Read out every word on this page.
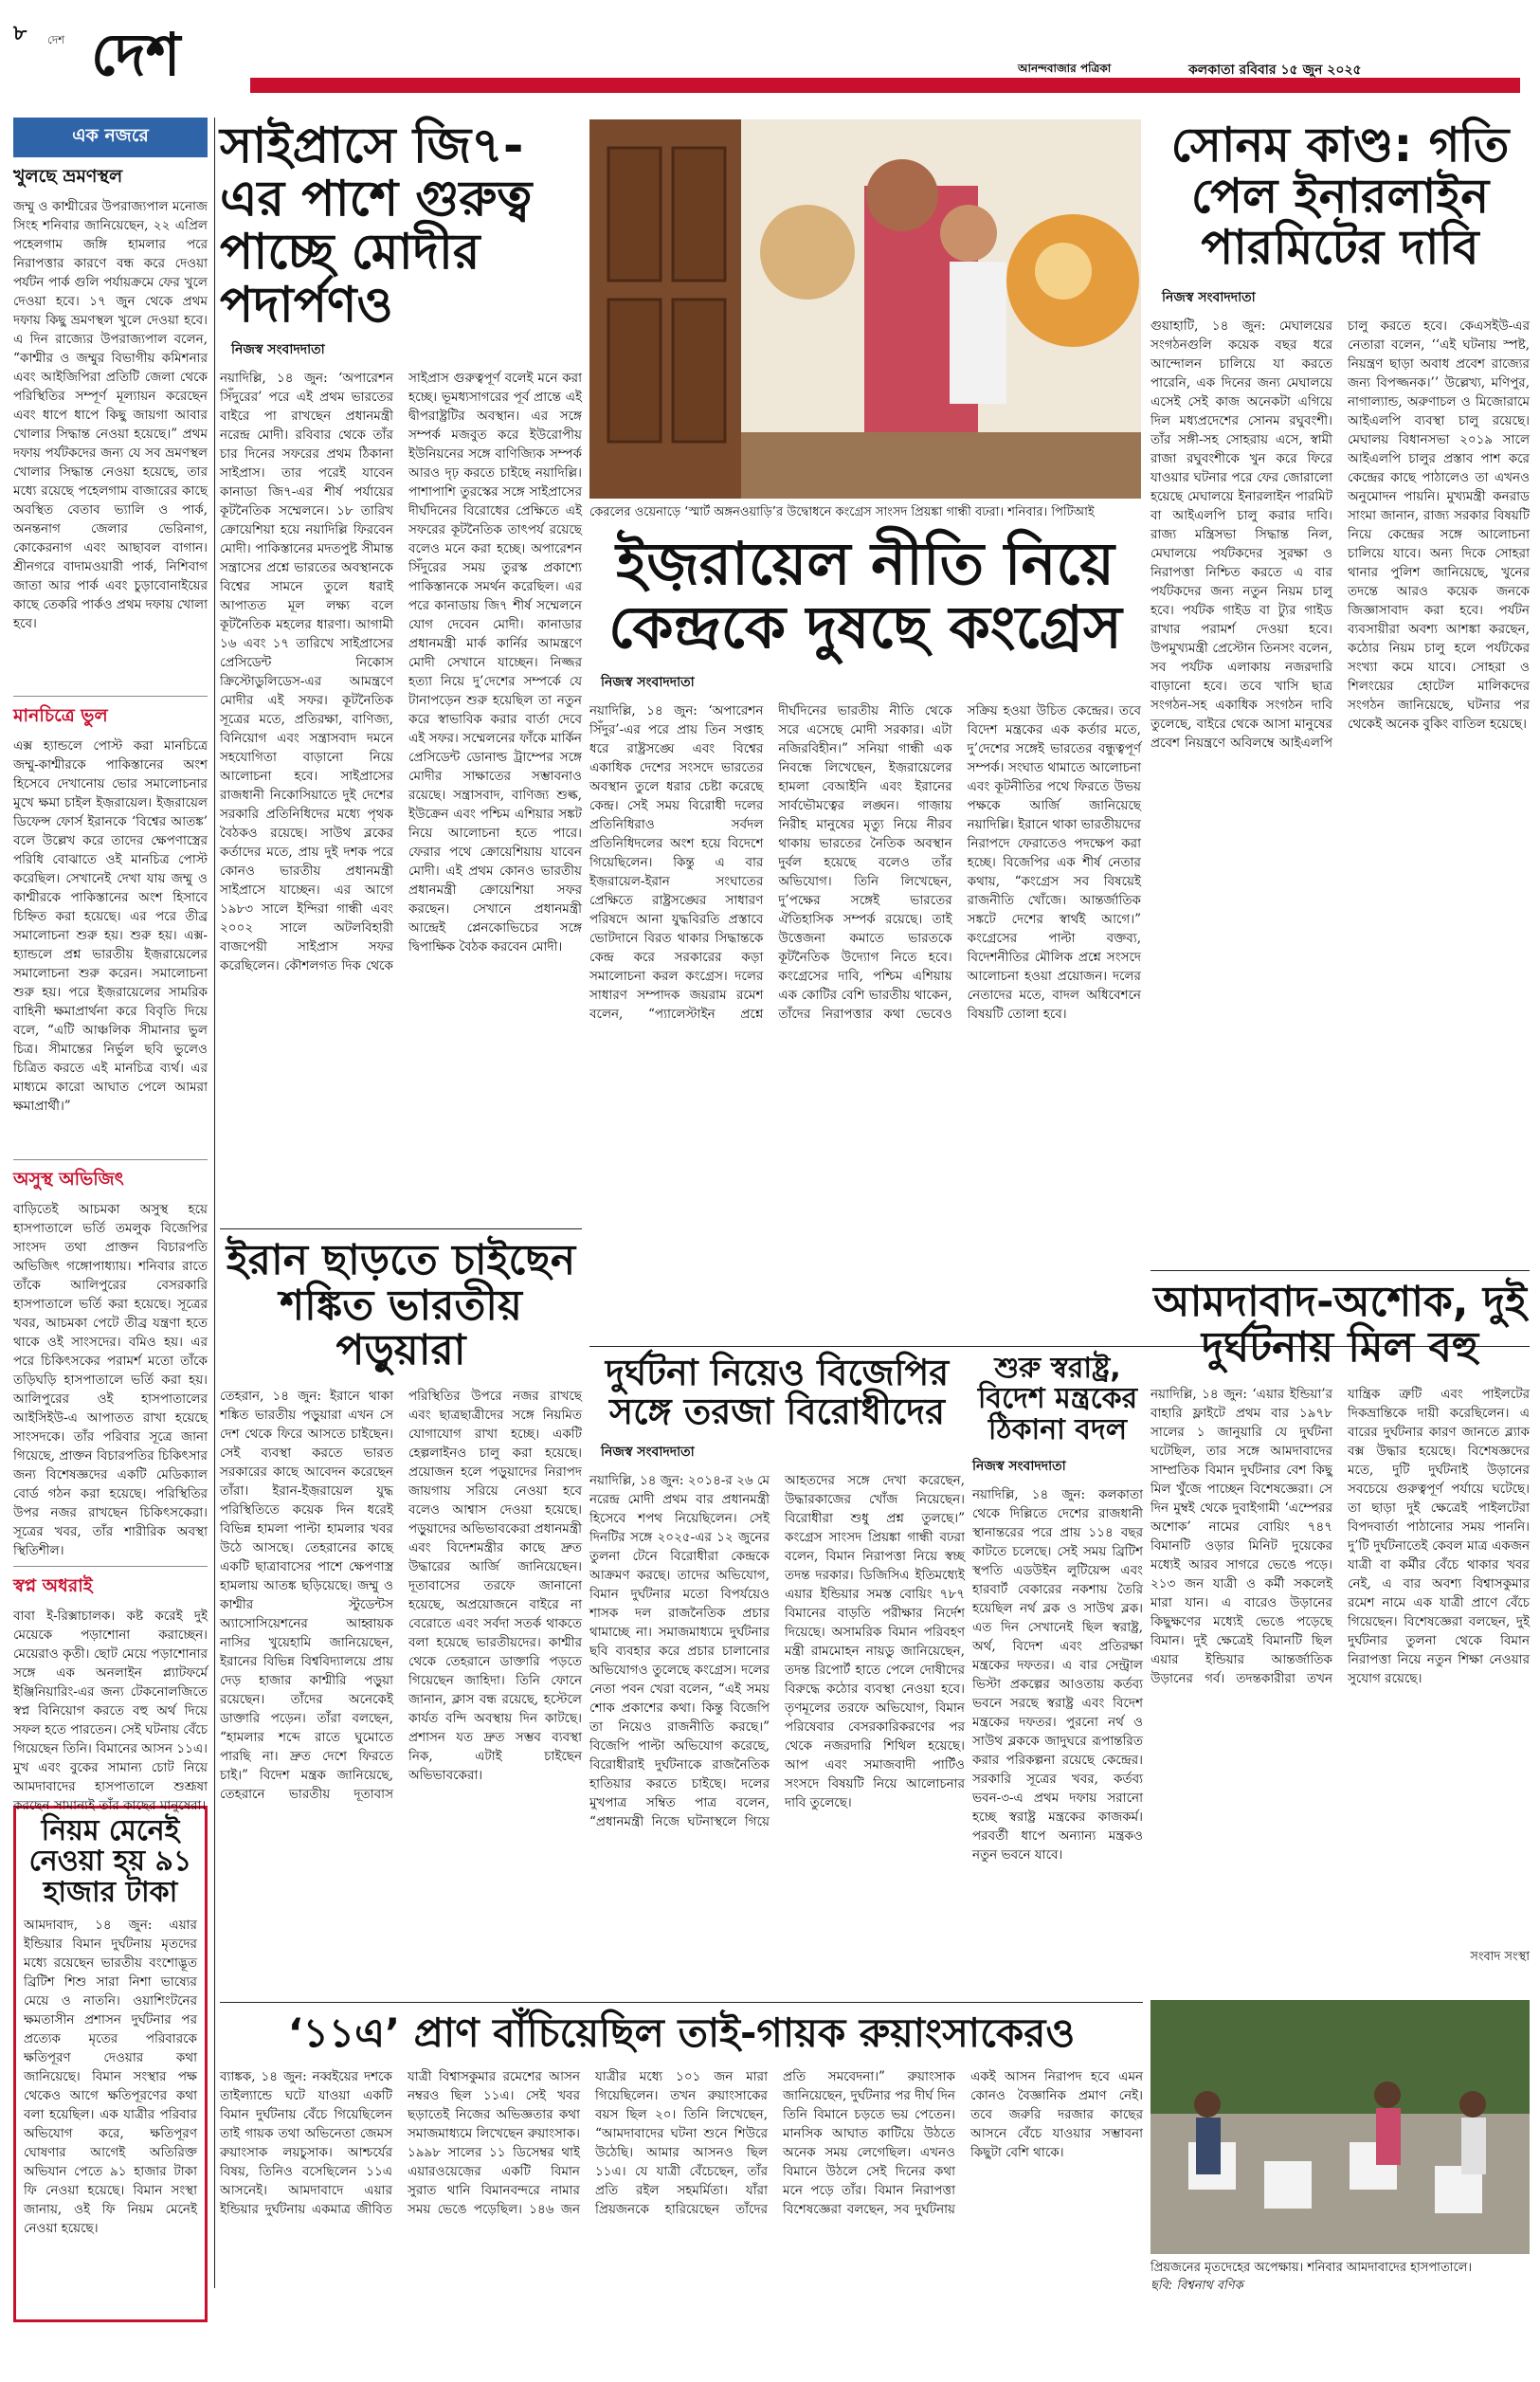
৮	দেশ দেশ	আনন্দবাজার পত্রিকা	কলকাতা রবিবার ১৫ জুন ২০২৫
এক নজরে
খুলছে ভ্রমণস্থল
জম্মু ও কাশ্মীরের উপরাজ্যপাল মনোজ সিংহ শনিবার জানিয়েছেন, ২২ এপ্রিল পহেলগাম জঙ্গি হামলার পরে নিরাপত্তার কারণে বন্ধ করে দেওয়া পর্যটন পার্ক গুলি পর্যায়ক্রমে ফের খুলে দেওয়া হবে। ১৭ জুন থেকে প্রথম দফায় কিছু ভ্রমণস্থল খুলে দেওয়া হবে। এ দিন রাজ্যের উপরাজ্যপাল বলেন, “কাশ্মীর ও জম্মুর বিভাগীয় কমিশনার এবং আইজিপিরা প্রতিটি জেলা থেকে পরিস্থিতির সম্পূর্ণ মূল্যায়ন করেছেন এবং ধাপে ধাপে কিছু জায়গা আবার খোলার সিদ্ধান্ত নেওয়া হয়েছে।” প্রথম দফায় পর্যটকদের জন্য যে সব ভ্রমণস্থল খোলার সিদ্ধান্ত নেওয়া হয়েছে, তার মধ্যে রয়েছে পহেলগাম বাজারের কাছে অবস্থিত বেতাব ভ্যালি ও পার্ক, অনন্তনাগ জেলার ভেরিনাগ, কোকেরনাগ এবং আছাবল বাগান। শ্রীনগরে বাদামওয়ারী পার্ক, নিশিবাগ জাতা আর পার্ক এবং চুড়াবোনাইয়ের কাছে তেকরি পার্কও প্রথম দফায় খোলা হবে।
মানচিত্রে ভুল
এক্স হ্যান্ডলে পোস্ট করা মানচিত্রে জম্মু-কাশ্মীরকে পাকিস্তানের অংশ হিসেবে দেখানোয় ভোর সমালোচনার মুখে ক্ষমা চাইল ইজ়রায়েল। ইজ়রায়েল ডিফেন্স ফোর্স ইরানকে ‘বিশ্বের আতঙ্ক’ বলে উল্লেখ করে তাদের ক্ষেপণাস্ত্রের পরিধি বোঝাতে ওই মানচিত্র পোস্ট করেছিল। সেখানেই দেখা যায় জম্মু ও কাশ্মীরকে পাকিস্তানের অংশ হিসাবে চিহ্নিত করা হয়েছে। এর পরে তীব্র সমালোচনা শুরু হয়। শুরু হয়। এক্স-হ্যান্ডলে প্রশ্ন ভারতীয় ইজ়রায়েলের সমালোচনা শুরু করেন। সমালোচনা শুরু হয়। পরে ইজ়রায়েলের সামরিক বাহিনী ক্ষমাপ্রার্থনা করে বিবৃতি দিয়ে বলে, “এটি আঞ্চলিক সীমানার ভুল চিত্র। সীমান্তের নির্ভুল ছবি ভুলেও চিত্রিত করতে এই মানচিত্র ব্যর্থ। এর মাধ্যমে কারো আঘাত পেলে আমরা ক্ষমাপ্রার্থী।”
অসুস্থ অভিজিৎ
বাড়িতেই আচমকা অসুস্থ হয়ে হাসপাতালে ভর্তি তমলুক বিজেপির সাংসদ তথা প্রাক্তন বিচারপতি অভিজিৎ গঙ্গোপাধ্যায়। শনিবার রাতে তাঁকে আলিপুরের বেসরকারি হাসপাতালে ভর্তি করা হয়েছে। সূত্রের খবর, আচমকা পেটে তীব্র যন্ত্রণা হতে থাকে ওই সাংসদের। বমিও হয়। এর পরে চিকিৎসকের পরামর্শ মতো তাঁকে তড়িঘড়ি হাসপাতালে ভর্তি করা হয়। আলিপুরের ওই হাসপাতালের আইসিইউ-এ আপাতত রাখা হয়েছে সাংসদকে। তাঁর পরিবার সূত্রে জানা গিয়েছে, প্রাক্তন বিচারপতির চিকিৎসার জন্য বিশেষজ্ঞদের একটি মেডিক্যাল বোর্ড গঠন করা হয়েছে। পরিস্থিতির উপর নজর রাখছেন চিকিৎসকেরা। সূত্রের খবর, তাঁর শারীরিক অবস্থা স্থিতিশীল।
স্বপ্ন অধরাই
বাবা ই-রিক্সাচালক। কষ্ট করেই দুই মেয়েকে পড়াশোনা করাচ্ছেন। মেয়েরাও কৃতী। ছোট মেয়ে পড়াশোনার সঙ্গে এক অনলাইন প্ল্যাটফর্মে ইঞ্জিনিয়ারিং-এর জন্য টেকনোলজিতে স্বপ্ন বিনিয়োগ করতে বহু অর্থ দিয়ে সফল হতে পারতেন। সেই ঘটনায় বেঁচে গিয়েছেন তিনি। বিমানের আসন ১১এ। মুখ এবং বুকের সামান্য চোট নিয়ে আমদাবাদের হাসপাতালে শুশ্রূষা করছেন সামান্যই তাঁর কাছের মানুষেরা।
নিয়ম মেনেই নেওয়া হয় ৯১ হাজার টাকা
আমদাবাদ, ১৪ জুন: এয়ার ইন্ডিয়ার বিমান দুর্ঘটনায় মৃতদের মধ্যে রয়েছেন ভারতীয় বংশোদ্ভূত ব্রিটিশ শিশু সারা নিশা ভাষ্যের মেয়ে ও নাতনি। ওয়াশিংটনের ক্ষমতাসীন প্রশাসন দুর্ঘটনার পর প্রত্যেক মৃতের পরিবারকে ক্ষতিপূরণ দেওয়ার কথা জানিয়েছে। বিমান সংস্থার পক্ষ থেকেও আগে ক্ষতিপূরণের কথা বলা হয়েছিল। এক যাত্রীর পরিবার অভিযোগ করে, ক্ষতিপূরণ ঘোষণার আগেই অতিরিক্ত অভিযান পেতে ৯১ হাজার টাকা ফি নেওয়া হয়েছে। বিমান সংস্থা জানায়, ওই ফি নিয়ম মেনেই নেওয়া হয়েছে।
সাইপ্রাসে জি৭-এর পাশে গুরুত্ব পাচ্ছে মোদীর পদার্পণও
নিজস্ব সংবাদদাতা
নয়াদিল্লি, ১৪ জুন: ‘অপারেশন সিঁদুরের’ পরে এই প্রথম ভারতের বাইরে পা রাখছেন প্রধানমন্ত্রী নরেন্দ্র মোদী। রবিবার থেকে তাঁর চার দিনের সফরের প্রথম ঠিকানা সাইপ্রাস। তার পরেই যাবেন কানাডা জি৭-এর শীর্ষ পর্যায়ের কূটনৈতিক সম্মেলনে। ১৮ তারিখ ক্রোয়েশিয়া হয়ে নয়াদিল্লি ফিরবেন মোদী। পাকিস্তানের মদতপুষ্ট সীমান্ত সন্ত্রাসের প্রশ্নে ভারতের অবস্থানকে বিশ্বের সামনে তুলে ধরাই আপাতত মূল লক্ষ্য বলে কূটনৈতিক মহলের ধারণা। আগামী ১৬ এবং ১৭ তারিখে সাইপ্রাসের প্রেসিডেন্ট নিকোস ক্রিস্টোডুলিডেস-এর আমন্ত্রণে মোদীর এই সফর। কূটনৈতিক সূত্রের মতে, প্রতিরক্ষা, বাণিজ্য, বিনিয়োগ এবং সন্ত্রাসবাদ দমনে সহযোগিতা বাড়ানো নিয়ে আলোচনা হবে। সাইপ্রাসের রাজধানী নিকোসিয়াতে দুই দেশের সরকারি প্রতিনিধিদের মধ্যে পৃথক বৈঠকও রয়েছে। সাউথ ব্লকের কর্তাদের মতে, প্রায় দুই দশক পরে কোনও ভারতীয় প্রধানমন্ত্রী সাইপ্রাসে যাচ্ছেন। এর আগে ১৯৮৩ সালে ইন্দিরা গান্ধী এবং ২০০২ সালে অটলবিহারী বাজপেয়ী সাইপ্রাস সফর করেছিলেন। কৌশলগত দিক থেকে সাইপ্রাস গুরুত্বপূর্ণ বলেই মনে করা হচ্ছে। ভূমধ্যসাগরের পূর্ব প্রান্তে এই দ্বীপরাষ্ট্রটির অবস্থান। এর সঙ্গে সম্পর্ক মজবুত করে ইউরোপীয় ইউনিয়নের সঙ্গে বাণিজ্যিক সম্পর্ক আরও দৃঢ় করতে চাইছে নয়াদিল্লি। পাশাপাশি তুরস্কের সঙ্গে সাইপ্রাসের দীর্ঘদিনের বিরোধের প্রেক্ষিতে এই সফরের কূটনৈতিক তাৎপর্য রয়েছে বলেও মনে করা হচ্ছে। অপারেশন সিঁদুরের সময় তুরস্ক প্রকাশ্যে পাকিস্তানকে সমর্থন করেছিল। এর পরে কানাডায় জি৭ শীর্ষ সম্মেলনে যোগ দেবেন মোদী। কানাডার প্রধানমন্ত্রী মার্ক কার্নির আমন্ত্রণে মোদী সেখানে যাচ্ছেন। নিজ্জর হত্যা নিয়ে দু’দেশের সম্পর্কে যে টানাপড়েন শুরু হয়েছিল তা নতুন করে স্বাভাবিক করার বার্তা দেবে এই সফর। সম্মেলনের ফাঁকে মার্কিন প্রেসিডেন্ট ডোনাল্ড ট্রাম্পের সঙ্গে মোদীর সাক্ষাতের সম্ভাবনাও রয়েছে। সন্ত্রাসবাদ, বাণিজ্য শুল্ক, ইউক্রেন এবং পশ্চিম এশিয়ার সঙ্কট নিয়ে আলোচনা হতে পারে। ফেরার পথে ক্রোয়েশিয়ায় যাবেন মোদী। এই প্রথম কোনও ভারতীয় প্রধানমন্ত্রী ক্রোয়েশিয়া সফর করছেন। সেখানে প্রধানমন্ত্রী আন্দ্রেই প্লেনকোভিচের সঙ্গে দ্বিপাক্ষিক বৈঠক করবেন মোদী।
কেরলের ওয়েনাড়ে ‘স্মার্ট অঙ্গনওয়াড়ি’র উদ্বোধনে কংগ্রেস সাংসদ প্রিয়ঙ্কা গান্ধী বঢরা। শনিবার। পিটিআই
সোনম কাণ্ড: গতি পেল ইনারলাইন পারমিটের দাবি
নিজস্ব সংবাদদাতা
গুয়াহাটি, ১৪ জুন: মেঘালয়ের সংগঠনগুলি কয়েক বছর ধরে আন্দোলন চালিয়ে যা করতে পারেনি, এক দিনের জন্য মেঘালয়ে এসেই সেই কাজ অনেকটা এগিয়ে দিল মধ্যপ্রদেশের সোনম রঘুবংশী। তাঁর সঙ্গী-সহ সোহরায় এসে, স্বামী রাজা রঘুবংশীকে খুন করে ফিরে যাওয়ার ঘটনার পরে ফের জোরালো হয়েছে মেঘালয়ে ইনারলাইন পারমিট বা আইএলপি চালু করার দাবি। রাজ্য মন্ত্রিসভা সিদ্ধান্ত নিল, মেঘালয়ে পর্যটকদের সুরক্ষা ও নিরাপত্তা নিশ্চিত করতে এ বার পর্যটকদের জন্য নতুন নিয়ম চালু হবে। পর্যটক গাইড বা ট্যুর গাইড রাখার পরামর্শ দেওয়া হবে। উপমুখ্যমন্ত্রী প্রেস্টোন তিনসং বলেন, সব পর্যটক এলাকায় নজরদারি বাড়ানো হবে। তবে খাসি ছাত্র সংগঠন-সহ একাধিক সংগঠন দাবি তুলেছে, বাইরে থেকে আসা মানুষের প্রবেশ নিয়ন্ত্রণে অবিলম্বে আইএলপি চালু করতে হবে। কেএসইউ-এর নেতারা বলেন, ‘‘এই ঘটনায় স্পষ্ট, নিয়ন্ত্রণ ছাড়া অবাধ প্রবেশ রাজ্যের জন্য বিপজ্জনক।’’ উল্লেখ্য, মণিপুর, নাগাল্যান্ড, অরুণাচল ও মিজোরামে আইএলপি ব্যবস্থা চালু রয়েছে। মেঘালয় বিধানসভা ২০১৯ সালে আইএলপি চালুর প্রস্তাব পাশ করে কেন্দ্রের কাছে পাঠালেও তা এখনও অনুমোদন পায়নি। মুখ্যমন্ত্রী কনরাড সাংমা জানান, রাজ্য সরকার বিষয়টি নিয়ে কেন্দ্রের সঙ্গে আলোচনা চালিয়ে যাবে। অন্য দিকে সোহরা থানার পুলিশ জানিয়েছে, খুনের তদন্তে আরও কয়েক জনকে জিজ্ঞাসাবাদ করা হবে। পর্যটন ব্যবসায়ীরা অবশ্য আশঙ্কা করছেন, কঠোর নিয়ম চালু হলে পর্যটকের সংখ্যা কমে যাবে। সোহরা ও শিলংয়ের হোটেল মালিকদের সংগঠন জানিয়েছে, ঘটনার পর থেকেই অনেক বুকিং বাতিল হয়েছে।
ইজ়রায়েল নীতি নিয়ে কেন্দ্রকে দুষছে কংগ্রেস
নিজস্ব সংবাদদাতা
নয়াদিল্লি, ১৪ জুন: ‘অপারেশন সিঁদুর’-এর পরে প্রায় তিন সপ্তাহ ধরে রাষ্ট্রসঙ্ঘে এবং বিশ্বের একাধিক দেশের সংসদে ভারতের অবস্থান তুলে ধরার চেষ্টা করেছে কেন্দ্র। সেই সময় বিরোধী দলের প্রতিনিধিরাও সর্বদল প্রতিনিধিদলের অংশ হয়ে বিদেশে গিয়েছিলেন। কিন্তু এ বার ইজ়রায়েল-ইরান সংঘাতের প্রেক্ষিতে রাষ্ট্রসঙ্ঘের সাধারণ পরিষদে আনা যুদ্ধবিরতি প্রস্তাবে ভোটদানে বিরত থাকার সিদ্ধান্তকে কেন্দ্র করে সরকারের কড়া সমালোচনা করল কংগ্রেস। দলের সাধারণ সম্পাদক জয়রাম রমেশ বলেন, “প্যালেস্টাইন প্রশ্নে দীর্ঘদিনের ভারতীয় নীতি থেকে সরে এসেছে মোদী সরকার। এটা নজিরবিহীন।” সনিয়া গান্ধী এক নিবন্ধে লিখেছেন, ইজ়রায়েলের হামলা বেআইনি এবং ইরানের সার্বভৌমত্বের লঙ্ঘন। গাজ়ায় নিরীহ মানুষের মৃত্যু নিয়ে নীরব থাকায় ভারতের নৈতিক অবস্থান দুর্বল হয়েছে বলেও তাঁর অভিযোগ। তিনি লিখেছেন, দু’পক্ষের সঙ্গেই ভারতের ঐতিহাসিক সম্পর্ক রয়েছে। তাই উত্তেজনা কমাতে ভারতকে কূটনৈতিক উদ্যোগ নিতে হবে। কংগ্রেসের দাবি, পশ্চিম এশিয়ায় এক কোটির বেশি ভারতীয় থাকেন, তাঁদের নিরাপত্তার কথা ভেবেও সক্রিয় হওয়া উচিত কেন্দ্রের। তবে বিদেশ মন্ত্রকের এক কর্তার মতে, দু’দেশের সঙ্গেই ভারতের বন্ধুত্বপূর্ণ সম্পর্ক। সংঘাত থামাতে আলোচনা এবং কূটনীতির পথে ফিরতে উভয় পক্ষকে আর্জি জানিয়েছে নয়াদিল্লি। ইরানে থাকা ভারতীয়দের নিরাপদে ফেরাতেও পদক্ষেপ করা হচ্ছে। বিজেপির এক শীর্ষ নেতার কথায়, “কংগ্রেস সব বিষয়েই রাজনীতি খোঁজে। আন্তর্জাতিক সঙ্কটে দেশের স্বার্থই আগে।” কংগ্রেসের পাল্টা বক্তব্য, বিদেশনীতির মৌলিক প্রশ্নে সংসদে আলোচনা হওয়া প্রয়োজন। দলের নেতাদের মতে, বাদল অধিবেশনে বিষয়টি তোলা হবে।
ইরান ছাড়তে চাইছেন শঙ্কিত ভারতীয় পড়ুয়ারা
তেহরান, ১৪ জুন: ইরানে থাকা শঙ্কিত ভারতীয় পড়ুয়ারা এখন সে দেশ থেকে ফিরে আসতে চাইছেন। সেই ব্যবস্থা করতে ভারত সরকারের কাছে আবেদন করেছেন তাঁরা। ইরান-ইজ়রায়েল যুদ্ধ পরিস্থিতিতে কয়েক দিন ধরেই বিভিন্ন হামলা পাল্টা হামলার খবর উঠে আসছে। তেহরানের কাছে একটি ছাত্রাবাসের পাশে ক্ষেপণাস্ত্র হামলায় আতঙ্ক ছড়িয়েছে। জম্মু ও কাশ্মীর স্টুডেন্টস অ্যাসোসিয়েশনের আহ্বায়ক নাসির খুয়েহামি জানিয়েছেন, ইরানের বিভিন্ন বিশ্ববিদ্যালয়ে প্রায় দেড় হাজার কাশ্মীরি পড়ুয়া রয়েছেন। তাঁদের অনেকেই ডাক্তারি পড়েন। তাঁরা বলছেন, “হামলার শব্দে রাতে ঘুমোতে পারছি না। দ্রুত দেশে ফিরতে চাই।” বিদেশ মন্ত্রক জানিয়েছে, তেহরানে ভারতীয় দূতাবাস পরিস্থিতির উপরে নজর রাখছে এবং ছাত্রছাত্রীদের সঙ্গে নিয়মিত যোগাযোগ রাখা হচ্ছে। একটি হেল্পলাইনও চালু করা হয়েছে। প্রয়োজন হলে পড়ুয়াদের নিরাপদ জায়গায় সরিয়ে নেওয়া হবে বলেও আশ্বাস দেওয়া হয়েছে। পড়ুয়াদের অভিভাবকেরা প্রধানমন্ত্রী এবং বিদেশমন্ত্রীর কাছে দ্রুত উদ্ধারের আর্জি জানিয়েছেন। দূতাবাসের তরফে জানানো হয়েছে, অপ্রয়োজনে বাইরে না বেরোতে এবং সর্বদা সতর্ক থাকতে বলা হয়েছে ভারতীয়দের। কাশ্মীর থেকে তেহরানে ডাক্তারি পড়তে গিয়েছেন জাহিদা। তিনি ফোনে জানান, ক্লাস বন্ধ রয়েছে, হস্টেলে কার্যত বন্দি অবস্থায় দিন কাটছে। প্রশাসন যত দ্রুত সম্ভব ব্যবস্থা নিক, এটাই চাইছেন অভিভাবকেরা।
দুর্ঘটনা নিয়েও বিজেপির সঙ্গে তরজা বিরোধীদের
নিজস্ব সংবাদদাতা
নয়াদিল্লি, ১৪ জুন: ২০১৪-র ২৬ মে নরেন্দ্র মোদী প্রথম বার প্রধানমন্ত্রী হিসেবে শপথ নিয়েছিলেন। সেই দিনটির সঙ্গে ২০২৫-এর ১২ জুনের তুলনা টেনে বিরোধীরা কেন্দ্রকে আক্রমণ করছে। তাদের অভিযোগ, বিমান দুর্ঘটনার মতো বিপর্যয়েও শাসক দল রাজনৈতিক প্রচার থামাচ্ছে না। সমাজমাধ্যমে দুর্ঘটনার ছবি ব্যবহার করে প্রচার চালানোর অভিযোগও তুলেছে কংগ্রেস। দলের নেতা পবন খেরা বলেন, “এই সময় শোক প্রকাশের কথা। কিন্তু বিজেপি তা নিয়েও রাজনীতি করছে।” বিজেপি পাল্টা অভিযোগ করেছে, বিরোধীরাই দুর্ঘটনাকে রাজনৈতিক হাতিয়ার করতে চাইছে। দলের মুখপাত্র সম্বিত পাত্র বলেন, “প্রধানমন্ত্রী নিজে ঘটনাস্থলে গিয়ে আহতদের সঙ্গে দেখা করেছেন, উদ্ধারকাজের খোঁজ নিয়েছেন। বিরোধীরা শুধু প্রশ্ন তুলছে।” কংগ্রেস সাংসদ প্রিয়ঙ্কা গান্ধী বঢরা বলেন, বিমান নিরাপত্তা নিয়ে স্বচ্ছ তদন্ত দরকার। ডিজিসিএ ইতিমধ্যেই এয়ার ইন্ডিয়ার সমস্ত বোয়িং ৭৮৭ বিমানের বাড়তি পরীক্ষার নির্দেশ দিয়েছে। অসামরিক বিমান পরিবহণ মন্ত্রী রামমোহন নায়ডু জানিয়েছেন, তদন্ত রিপোর্ট হাতে পেলে দোষীদের বিরুদ্ধে কঠোর ব্যবস্থা নেওয়া হবে। তৃণমূলের তরফে অভিযোগ, বিমান পরিষেবার বেসরকারিকরণের পর থেকে নজরদারি শিথিল হয়েছে। আপ এবং সমাজবাদী পার্টিও সংসদে বিষয়টি নিয়ে আলোচনার দাবি তুলেছে।
শুরু স্বরাষ্ট্র, বিদেশ মন্ত্রকের ঠিকানা বদল
নিজস্ব সংবাদদাতা
নয়াদিল্লি, ১৪ জুন: কলকাতা থেকে দিল্লিতে দেশের রাজধানী স্থানান্তরের পরে প্রায় ১১৪ বছর কাটতে চলেছে। সেই সময় ব্রিটিশ স্থপতি এডউইন লুটিয়েন্স এবং হারবার্ট বেকারের নকশায় তৈরি হয়েছিল নর্থ ব্লক ও সাউথ ব্লক। এত দিন সেখানেই ছিল স্বরাষ্ট্র, অর্থ, বিদেশ এবং প্রতিরক্ষা মন্ত্রকের দফতর। এ বার সেন্ট্রাল ভিস্টা প্রকল্পের আওতায় কর্তব্য ভবনে সরছে স্বরাষ্ট্র এবং বিদেশ মন্ত্রকের দফতর। পুরনো নর্থ ও সাউথ ব্লককে জাদুঘরে রূপান্তরিত করার পরিকল্পনা রয়েছে কেন্দ্রের। সরকারি সূত্রের খবর, কর্তব্য ভবন-৩-এ প্রথম দফায় সরানো হচ্ছে স্বরাষ্ট্র মন্ত্রকের কাজকর্ম। পরবর্তী ধাপে অন্যান্য মন্ত্রকও নতুন ভবনে যাবে।
আমদাবাদ-অশোক, দুই দুর্ঘটনায় মিল বহু
নয়াদিল্লি, ১৪ জুন: ‘এয়ার ইন্ডিয়া’র বাহারি ফ্লাইটে প্রথম বার ১৯৭৮ সালের ১ জানুয়ারি যে দুর্ঘটনা ঘটেছিল, তার সঙ্গে আমদাবাদের সাম্প্রতিক বিমান দুর্ঘটনার বেশ কিছু মিল খুঁজে পাচ্ছেন বিশেষজ্ঞেরা। সে দিন মুম্বই থেকে দুবাইগামী ‘এম্পেরর অশোক’ নামের বোয়িং ৭৪৭ বিমানটি ওড়ার মিনিট দুয়েকের মধ্যেই আরব সাগরে ভেঙে পড়ে। ২১৩ জন যাত্রী ও কর্মী সকলেই মারা যান। এ বারেও উড়ানের কিছুক্ষণের মধ্যেই ভেঙে পড়েছে বিমান। দুই ক্ষেত্রেই বিমানটি ছিল এয়ার ইন্ডিয়ার আন্তর্জাতিক উড়ানের গর্ব। তদন্তকারীরা তখন যান্ত্রিক ত্রুটি এবং পাইলটের দিকভ্রান্তিকে দায়ী করেছিলেন। এ বারের দুর্ঘটনার কারণ জানতে ব্ল্যাক বক্স উদ্ধার হয়েছে। বিশেষজ্ঞদের মতে, দুটি দুর্ঘটনাই উড়ানের সবচেয়ে গুরুত্বপূর্ণ পর্যায়ে ঘটেছে। তা ছাড়া দুই ক্ষেত্রেই পাইলটেরা বিপদবার্তা পাঠানোর সময় পাননি। দু’টি দুর্ঘটনাতেই কেবল মাত্র একজন যাত্রী বা কর্মীর বেঁচে থাকার খবর নেই, এ বার অবশ্য বিশ্বাসকুমার রমেশ নামে এক যাত্রী প্রাণে বেঁচে গিয়েছেন। বিশেষজ্ঞেরা বলছেন, দুই দুর্ঘটনার তুলনা থেকে বিমান নিরাপত্তা নিয়ে নতুন শিক্ষা নেওয়ার সুযোগ রয়েছে।
সংবাদ সংস্থা
প্রিয়জনের মৃতদেহের অপেক্ষায়। শনিবার আমদাবাদের হাসপাতালে।
ছবি: বিশ্বনাথ বণিক
‘১১এ’ প্রাণ বাঁচিয়েছিল তাই-গায়ক রুয়াংসাকেরও
ব্যাঙ্কক, ১৪ জুন: নব্বইয়ের দশকে তাইল্যান্ডে ঘটে যাওয়া একটি বিমান দুর্ঘটনায় বেঁচে গিয়েছিলেন তাই গায়ক তথা অভিনেতা জেমস রুয়াংসাক লয়চুসাক। আশ্চর্যের বিষয়, তিনিও বসেছিলেন ১১এ আসনেই। আমদাবাদে এয়ার ইন্ডিয়ার দুর্ঘটনায় একমাত্র জীবিত যাত্রী বিশ্বাসকুমার রমেশের আসন নম্বরও ছিল ১১এ। সেই খবর ছড়াতেই নিজের অভিজ্ঞতার কথা সমাজমাধ্যমে লিখেছেন রুয়াংসাক। ১৯৯৮ সালের ১১ ডিসেম্বর থাই এয়ারওয়েজ়ের একটি বিমান সুরাত থানি বিমানবন্দরে নামার সময় ভেঙে পড়েছিল। ১৪৬ জন যাত্রীর মধ্যে ১০১ জন মারা গিয়েছিলেন। তখন রুয়াংসাকের বয়স ছিল ২০। তিনি লিখেছেন, “আমদাবাদের ঘটনা শুনে শিউরে উঠেছি। আমার আসনও ছিল ১১এ। যে যাত্রী বেঁচেছেন, তাঁর প্রতি রইল সহমর্মিতা। যাঁরা প্রিয়জনকে হারিয়েছেন তাঁদের প্রতি সমবেদনা।” রুয়াংসাক জানিয়েছেন, দুর্ঘটনার পর দীর্ঘ দিন তিনি বিমানে চড়তে ভয় পেতেন। মানসিক আঘাত কাটিয়ে উঠতে অনেক সময় লেগেছিল। এখনও বিমানে উঠলে সেই দিনের কথা মনে পড়ে তাঁর। বিমান নিরাপত্তা বিশেষজ্ঞেরা বলছেন, সব দুর্ঘটনায় একই আসন নিরাপদ হবে এমন কোনও বৈজ্ঞানিক প্রমাণ নেই। তবে জরুরি দরজার কাছের আসনে বেঁচে যাওয়ার সম্ভাবনা কিছুটা বেশি থাকে।
